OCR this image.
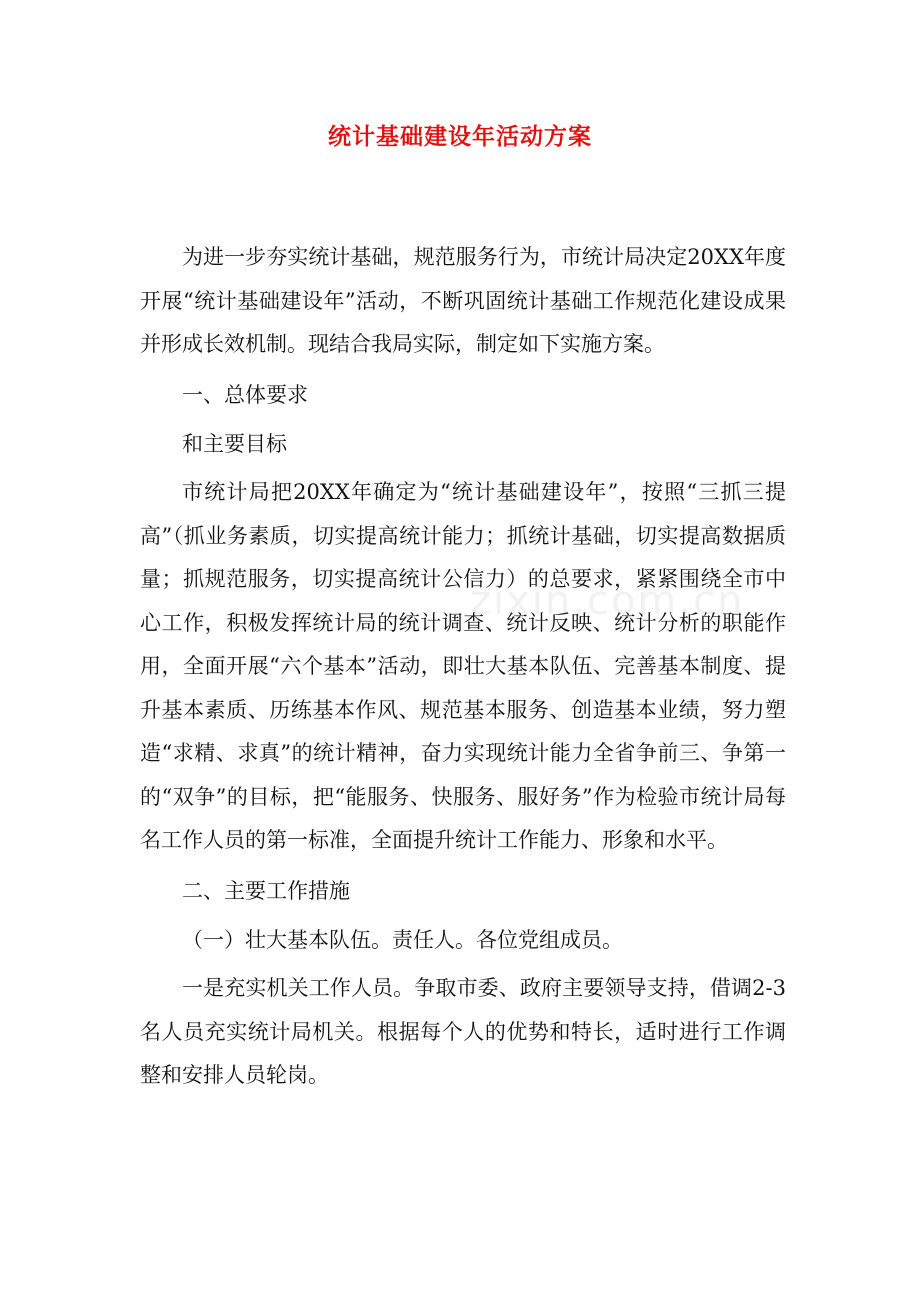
统计基础建设年活动方案

为进一步夯实统计基础，规范服务行为，市统计局决定20XX年度开展“统计基础建设年”活动，不断巩固统计基础工作规范化建设成果并形成长效机制。现结合我局实际，制定如下实施方案。

一、总体要求

和主要目标

市统计局把20XX年确定为“统计基础建设年”，按照“三抓三提高”（抓业务素质，切实提高统计能力；抓统计基础，切实提高数据质量；抓规范服务，切实提高统计公信力）的总要求，紧紧围绕全市中心工作，积极发挥统计局的统计调查、统计反映、统计分析的职能作用，全面开展“六个基本”活动，即壮大基本队伍、完善基本制度、提升基本素质、历练基本作风、规范基本服务、创造基本业绩，努力塑造“求精、求真”的统计精神，奋力实现统计能力全省争前三、争第一的“双争”的目标，把“能服务、快服务、服好务”作为检验市统计局每名工作人员的第一标准，全面提升统计工作能力、形象和水平。

二、主要工作措施

（一）壮大基本队伍。责任人。各位党组成员。

一是充实机关工作人员。争取市委、政府主要领导支持，借调2-3名人员充实统计局机关。根据每个人的优势和特长，适时进行工作调整和安排人员轮岗。

zixin.com.cn
